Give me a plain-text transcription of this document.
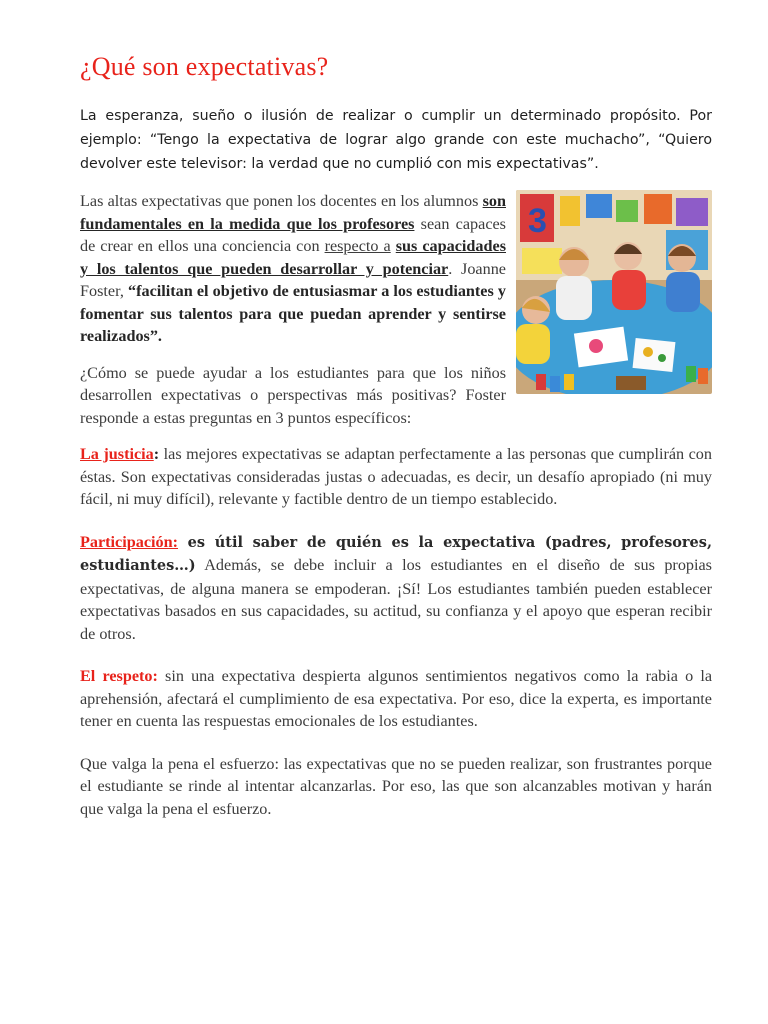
¿Qué son expectativas?

La esperanza, sueño o ilusión de realizar o cumplir un determinado propósito. Por ejemplo: “Tengo la expectativa de lograr algo grande con este muchacho”, “Quiero devolver este televisor: la verdad que no cumplió con mis expectativas”.

3

Las altas expectativas que ponen los docentes en los alumnos son fundamentales en la medida que los profesores sean capaces de crear en ellos una conciencia con respecto a sus capacidades y los talentos que pueden desarrollar y potenciar. Joanne Foster, “facilitan el objetivo de entusiasmar a los estudiantes y fomentar sus talentos para que puedan aprender y sentirse realizados”.

¿Cómo se puede ayudar a los estudiantes para que los niños desarrollen expectativas o perspectivas más positivas? Foster responde a estas preguntas en 3 puntos específicos:

La justicia: las mejores expectativas se adaptan perfectamente a las personas que cumplirán con éstas. Son expectativas consideradas justas o adecuadas, es decir, un desafío apropiado (ni muy fácil, ni muy difícil), relevante y factible dentro de un tiempo establecido.

Participación: es útil saber de quién es la expectativa (padres, profesores, estudiantes…) Además, se debe incluir a los estudiantes en el diseño de sus propias expectativas, de alguna manera se empoderan. ¡Sí! Los estudiantes también pueden establecer expectativas basados en sus capacidades, su actitud, su confianza y el apoyo que esperan recibir de otros.

El respeto: sin una expectativa despierta algunos sentimientos negativos como la rabia o la aprehensión, afectará el cumplimiento de esa expectativa. Por eso, dice la experta, es importante tener en cuenta las respuestas emocionales de los estudiantes.

Que valga la pena el esfuerzo: las expectativas que no se pueden realizar, son frustrantes porque el estudiante se rinde al intentar alcanzarlas. Por eso, las que son alcanzables motivan y harán que valga la pena el esfuerzo.
